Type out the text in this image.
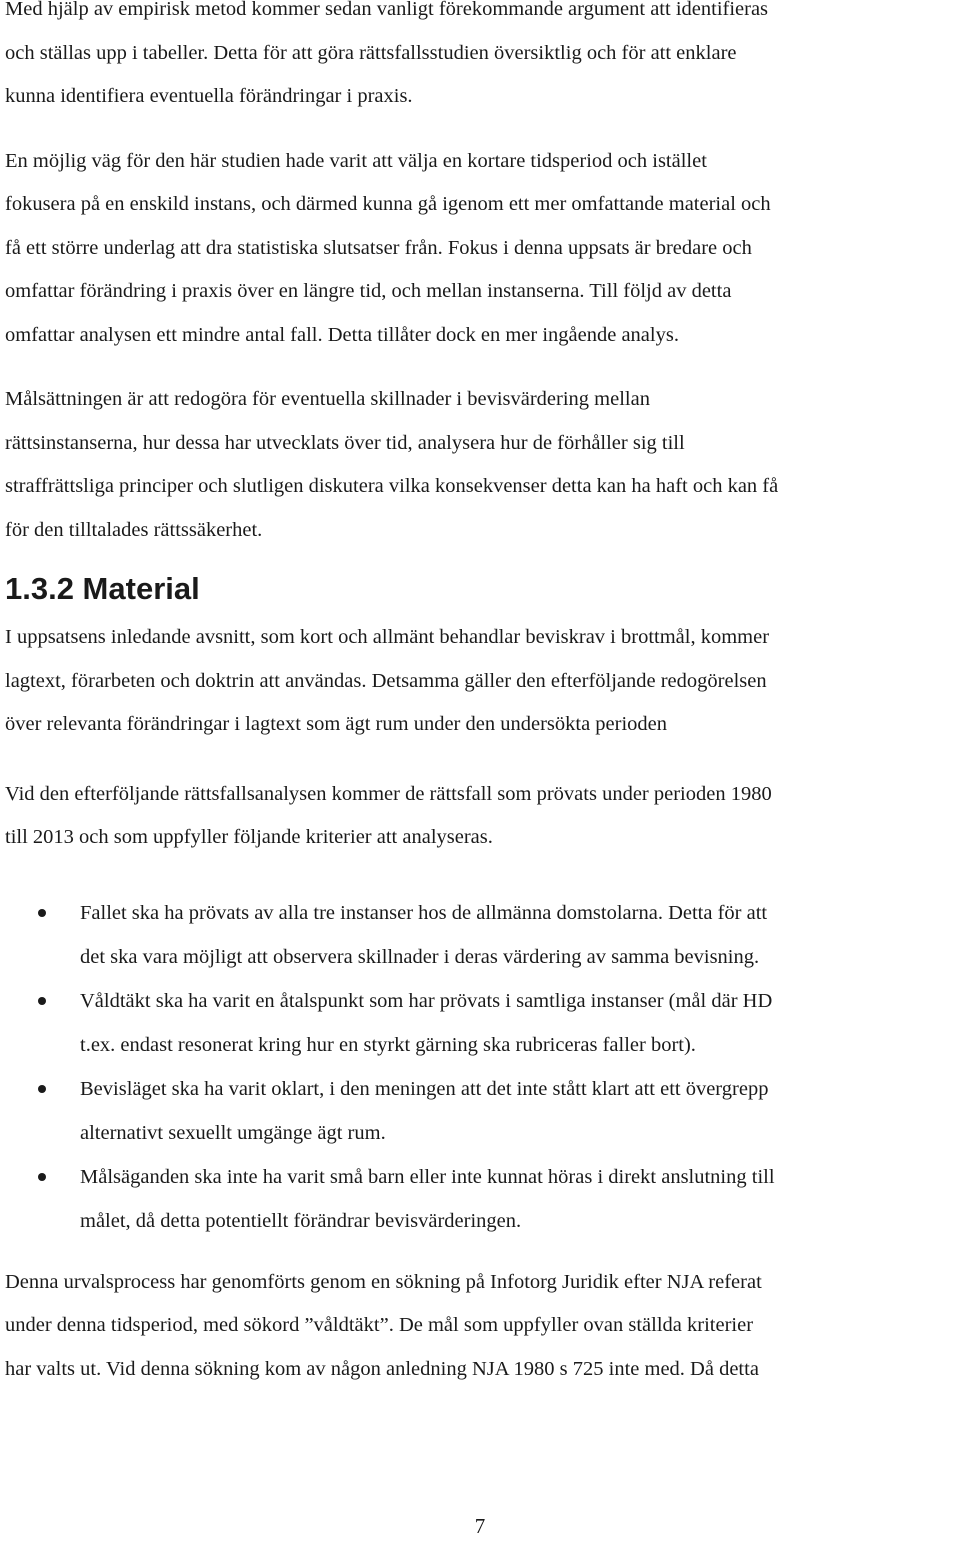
Med hjälp av empirisk metod kommer sedan vanligt förekommande argument att identifieras
och ställas upp i tabeller. Detta för att göra rättsfallsstudien översiktlig och för att enklare
kunna identifiera eventuella förändringar i praxis.

En möjlig väg för den här studien hade varit att välja en kortare tidsperiod och istället
fokusera på en enskild instans, och därmed kunna gå igenom ett mer omfattande material och
få ett större underlag att dra statistiska slutsatser från. Fokus i denna uppsats är bredare och
omfattar förändring i praxis över en längre tid, och mellan instanserna. Till följd av detta
omfattar analysen ett mindre antal fall. Detta tillåter dock en mer ingående analys.

Målsättningen är att redogöra för eventuella skillnader i bevisvärdering mellan
rättsinstanserna, hur dessa har utvecklats över tid, analysera hur de förhåller sig till
straffrättsliga principer och slutligen diskutera vilka konsekvenser detta kan ha haft och kan få
för den tilltalades rättssäkerhet.

1.3.2 Material

I uppsatsens inledande avsnitt, som kort och allmänt behandlar beviskrav i brottmål, kommer
lagtext, förarbeten och doktrin att användas. Detsamma gäller den efterföljande redogörelsen
över relevanta förändringar i lagtext som ägt rum under den undersökta perioden

Vid den efterföljande rättsfallsanalysen kommer de rättsfall som prövats under perioden 1980
till 2013 och som uppfyller följande kriterier att analyseras.

Fallet ska ha prövats av alla tre instanser hos de allmänna domstolarna. Detta för att
det ska vara möjligt att observera skillnader i deras värdering av samma bevisning.
Våldtäkt ska ha varit en åtalspunkt som har prövats i samtliga instanser (mål där HD
t.ex. endast resonerat kring hur en styrkt gärning ska rubriceras faller bort).
Bevisläget ska ha varit oklart, i den meningen att det inte stått klart att ett övergrepp
alternativt sexuellt umgänge ägt rum.
Målsäganden ska inte ha varit små barn eller inte kunnat höras i direkt anslutning till
målet, då detta potentiellt förändrar bevisvärderingen.

Denna urvalsprocess har genomförts genom en sökning på Infotorg Juridik efter NJA referat
under denna tidsperiod, med sökord ”våldtäkt”. De mål som uppfyller ovan ställda kriterier
har valts ut. Vid denna sökning kom av någon anledning NJA 1980 s 725 inte med. Då detta

7
